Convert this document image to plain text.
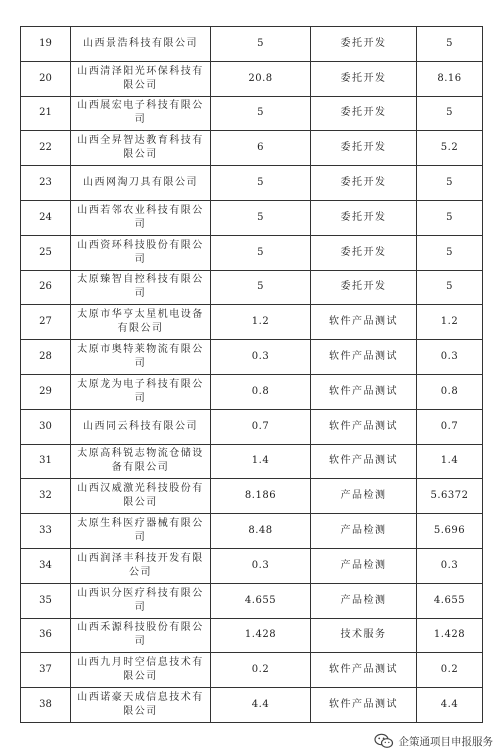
19	山西景浩科技有限公司	5	委托开发	5
20	山西清泽阳光环保科技有限公司	20.8	委托开发	8.16
21	山西展宏电子科技有限公司	5	委托开发	5
22	山西全昇智达教育科技有限公司	6	委托开发	5.2
23	山西网淘刀具有限公司	5	委托开发	5
24	山西若邻农业科技有限公司	5	委托开发	5
25	山西资环科技股份有限公司	5	委托开发	5
26	太原臻智自控科技有限公司	5	委托开发	5
27	太原市华亨太星机电设备有限公司	1.2	软件产品测试	1.2
28	太原市奥特莱物流有限公司	0.3	软件产品测试	0.3
29	太原龙为电子科技有限公司	0.8	软件产品测试	0.8
30	山西同云科技有限公司	0.7	软件产品测试	0.7
31	太原高科锐志物流仓储设备有限公司	1.4	软件产品测试	1.4
32	山西汉威激光科技股份有限公司	8.186	产品检测	5.6372
33	太原生科医疗器械有限公司	8.48	产品检测	5.696
34	山西润泽丰科技开发有限公司	0.3	产品检测	0.3
35	山西识分医疗科技有限公司	4.655	产品检测	4.655
36	山西禾源科技股份有限公司	1.428	技术服务	1.428
37	山西九月时空信息技术有限公司	0.2	软件产品测试	0.2
38	山西诺豪天成信息技术有限公司	4.4	软件产品测试	4.4
企策通项目申报服务
